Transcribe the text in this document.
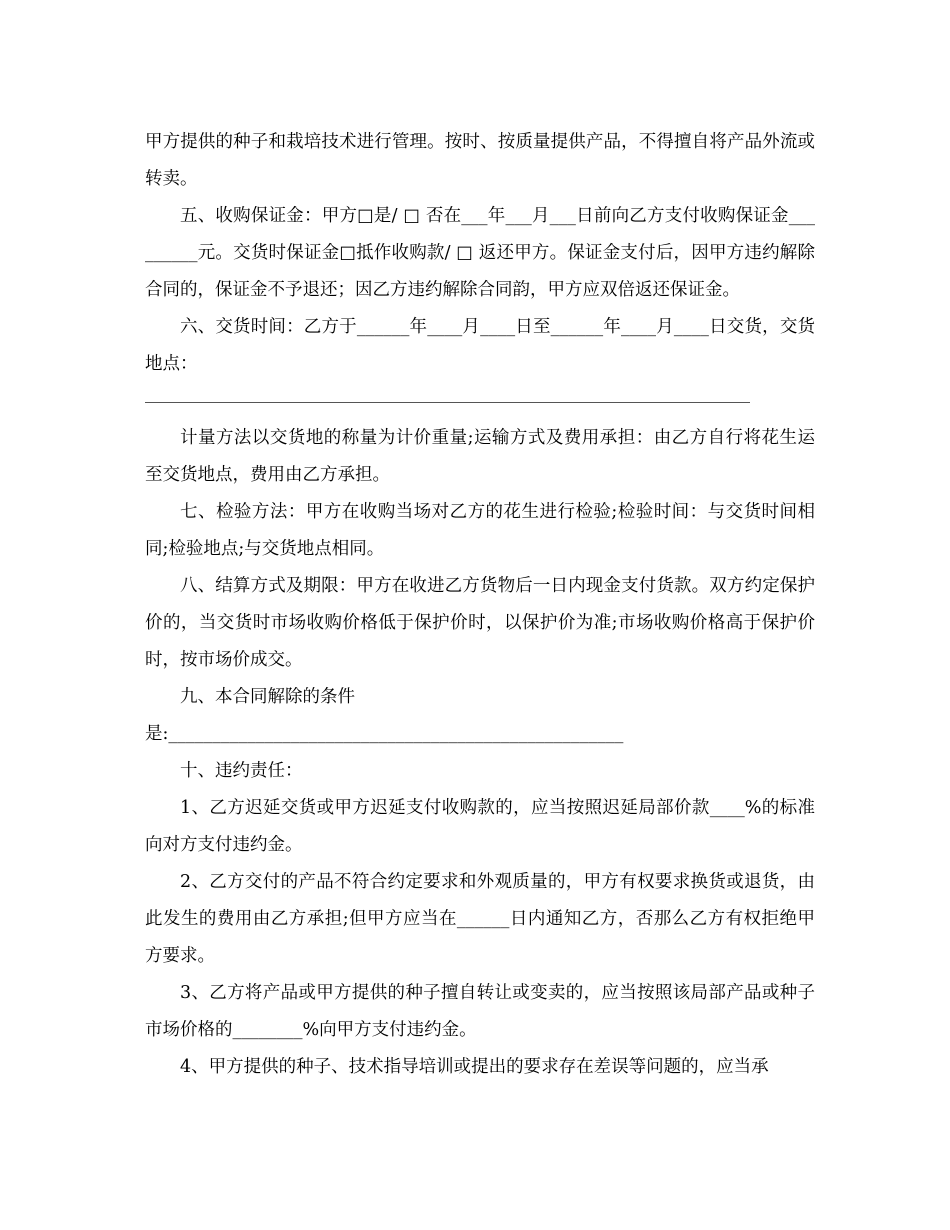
甲方提供的种子和栽培技术进行管理。按时、按质量提供产品，不得擅自将产品外流或转卖。

五、收购保证金：甲方□是/ □ 否在___年___月___日前向乙方支付收购保证金_________元。交货时保证金□抵作收购款/ □ 返还甲方。保证金支付后，因甲方违约解除合同的，保证金不予退还；因乙方违约解除合同韵，甲方应双倍返还保证金。

六、交货时间：乙方于______年____月____日至______年____月____日交货，交货地点：

计量方法以交货地的称量为计价重量;运输方式及费用承担：由乙方自行将花生运至交货地点，费用由乙方承担。

七、检验方法：甲方在收购当场对乙方的花生进行检验;检验时间：与交货时间相同;检验地点;与交货地点相同。

八、结算方式及期限：甲方在收进乙方货物后一日内现金支付货款。双方约定保护价的，当交货时市场收购价格低于保护价时，以保护价为准;市场收购价格高于保护价时，按市场价成交。

九、本合同解除的条件

是:____________________________________________________

十、违约责任：

1、乙方迟延交货或甲方迟延支付收购款的，应当按照迟延局部价款____%的标准向对方支付违约金。

2、乙方交付的产品不符合约定要求和外观质量的，甲方有权要求换货或退货，由此发生的费用由乙方承担;但甲方应当在______日内通知乙方，否那么乙方有权拒绝甲方要求。

3、乙方将产品或甲方提供的种子擅自转让或变卖的，应当按照该局部产品或种子市场价格的________%向甲方支付违约金。

4、甲方提供的种子、技术指导培训或提出的要求存在差误等问题的，应当承
